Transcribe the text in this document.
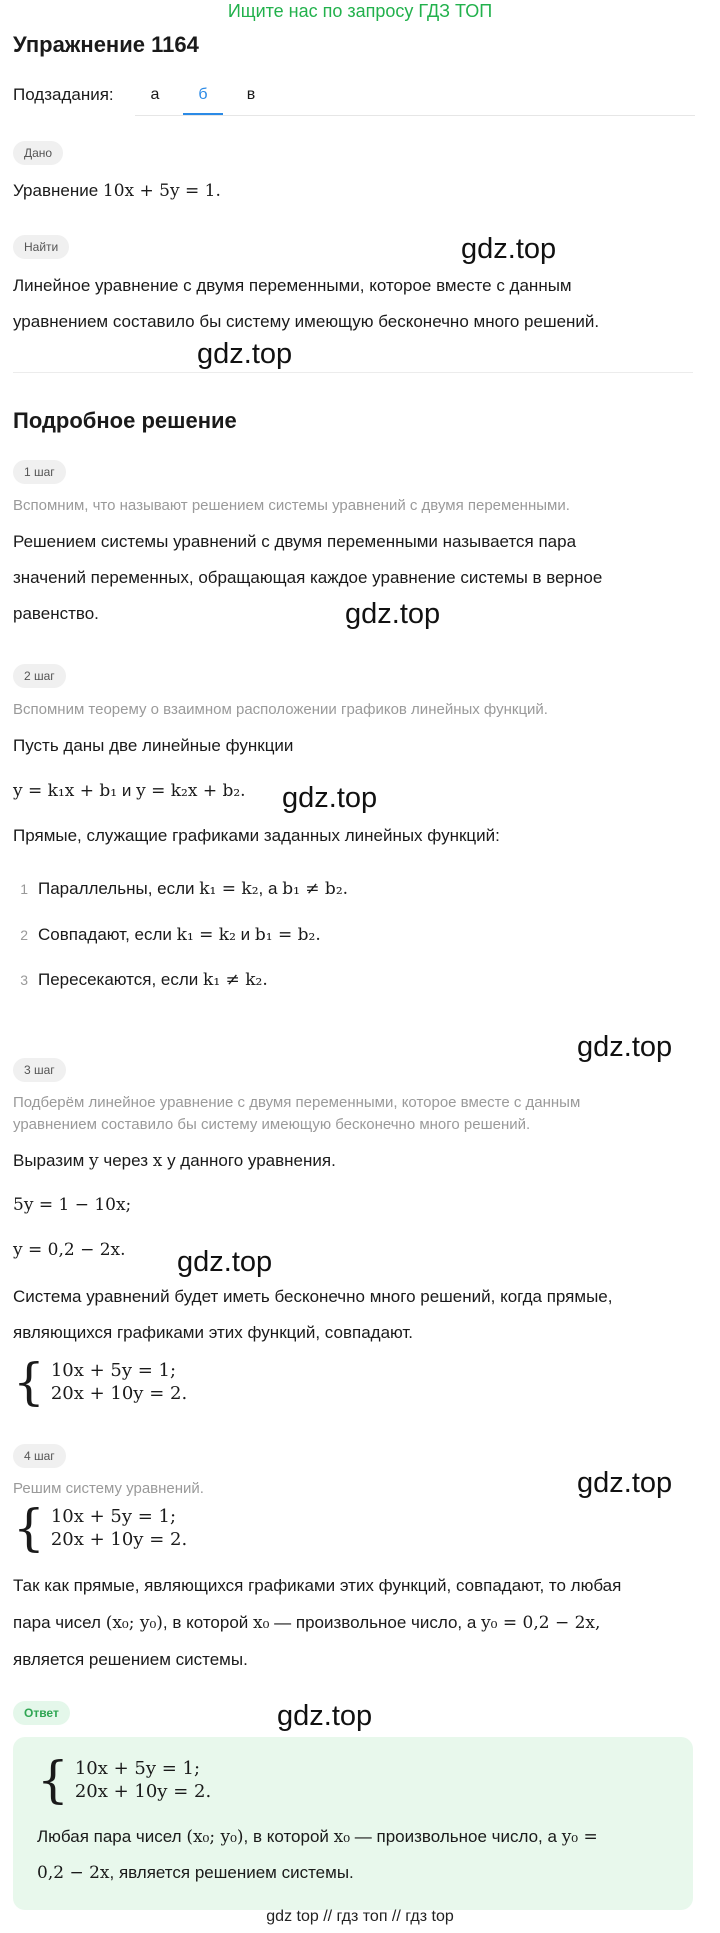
Ищите нас по запросу ГДЗ ТОП
Упражнение 1164
Подзадания:	а	б	в
Дано
Уравнение 10x + 5y = 1.
Найти
Линейное уравнение с двумя переменными, которое вместе с данным
уравнением составило бы систему имеющую бесконечно много решений.
Подробное решение
1 шаг
Вспомним, что называют решением системы уравнений с двумя переменными.
Решением системы уравнений с двумя переменными называется пара
значений переменных, обращающая каждое уравнение системы в верное
равенство.
2 шаг
Вспомним теорему о взаимном расположении графиков линейных функций.
Пусть даны две линейные функции
y = k₁x + b₁ и y = k₂x + b₂.
Прямые, служащие графиками заданных линейных функций:
1 Параллельны, если k₁ = k₂, а b₁ ≠ b₂.
2 Совпадают, если k₁ = k₂ и b₁ = b₂.
3 Пересекаются, если k₁ ≠ k₂.
3 шаг
Подберём линейное уравнение с двумя переменными, которое вместе с данным
уравнением составило бы систему имеющую бесконечно много решений.
Выразим y через x у данного уравнения.
5y = 1 − 10x;
y = 0,2 − 2x.
Система уравнений будет иметь бесконечно много решений, когда прямые,
являющихся графиками этих функций, совпадают.
{ 10x + 5y = 1;
20x + 10y = 2.
4 шаг
Решим систему уравнений.
{ 10x + 5y = 1;
20x + 10y = 2.
Так как прямые, являющихся графиками этих функций, совпадают, то любая
пара чисел (x₀; y₀), в которой x₀ — произвольное число, а y₀ = 0,2 − 2x,
является решением системы.
Ответ
{ 10x + 5y = 1;
20x + 10y = 2.
Любая пара чисел (x₀; y₀), в которой x₀ — произвольное число, а y₀ =
0,2 − 2x, является решением системы.
gdz.top
gdz.top
gdz.top
gdz.top
gdz.top
gdz.top
gdz.top
gdz.top
gdz top // гдз топ // гдз top
